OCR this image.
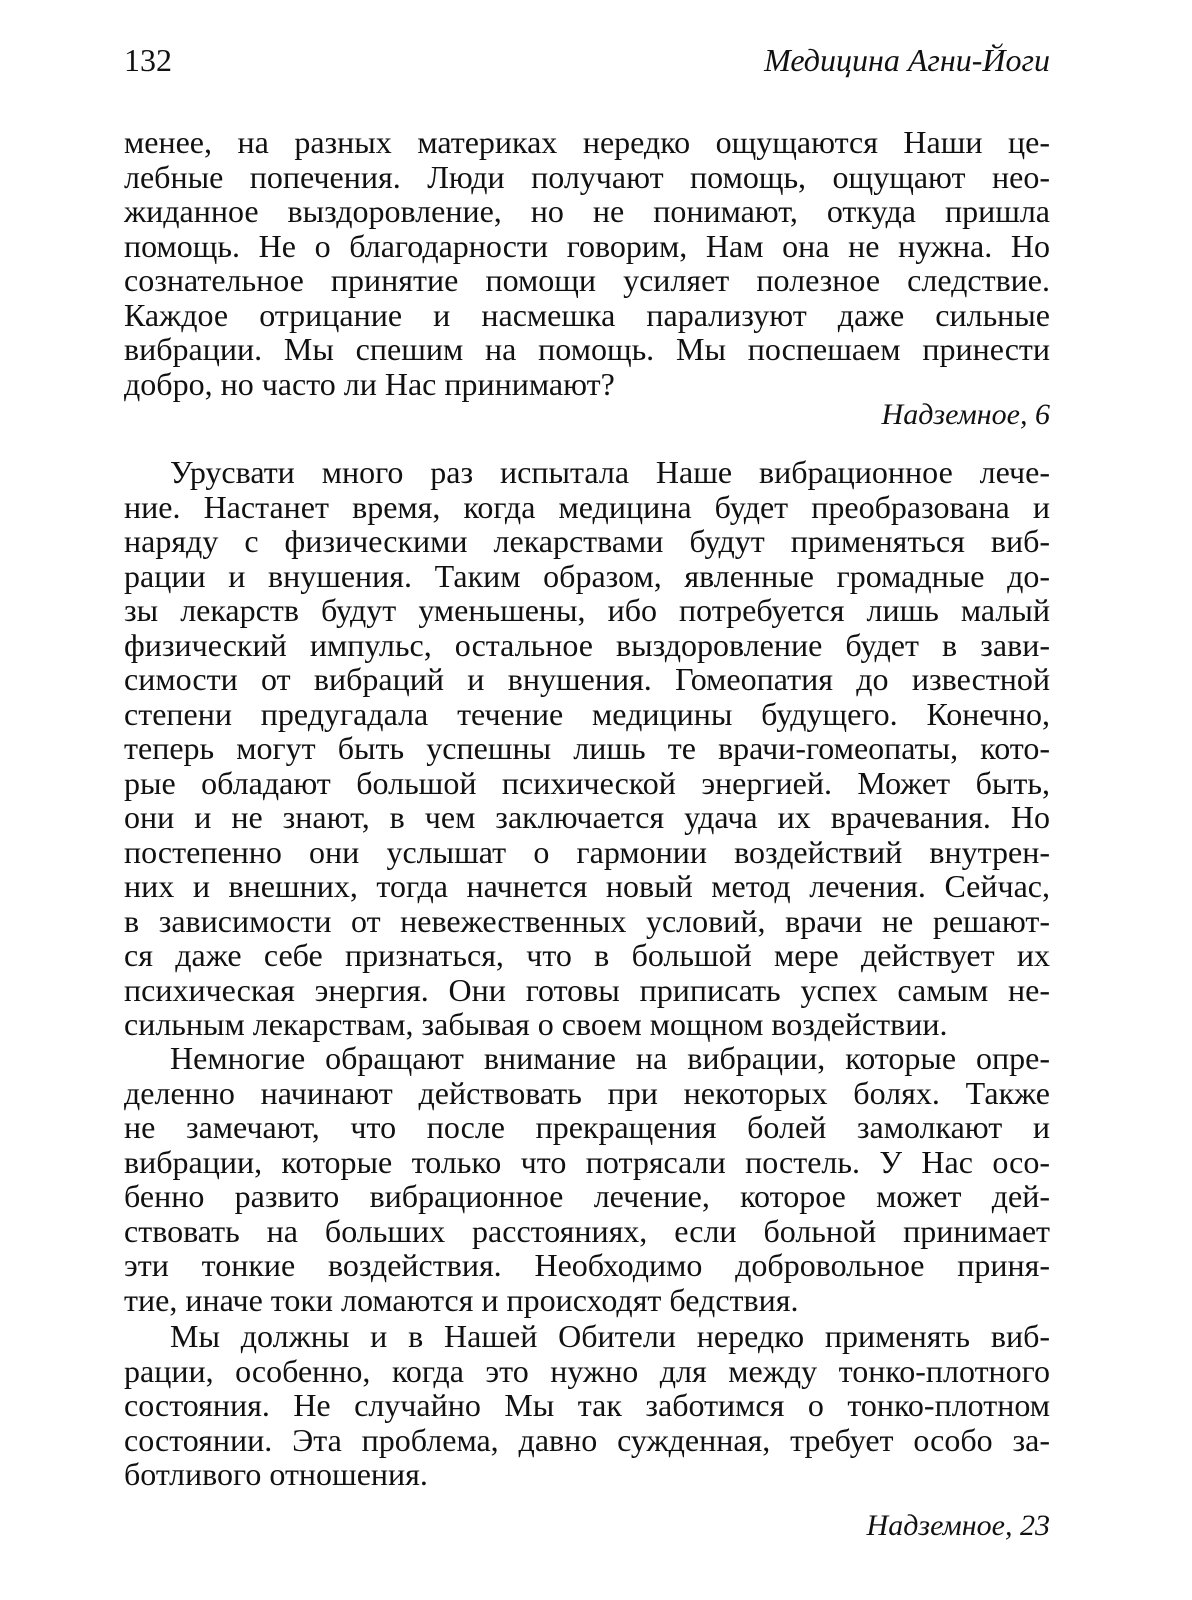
132	Медицина Агни-Йоги
менее, на разных материках нередко ощущаются Наши це-
лебные попечения. Люди получают помощь, ощущают нео-
жиданное выздоровление, но не понимают, откуда пришла
помощь. Не о благодарности говорим, Нам она не нужна. Но
сознательное принятие помощи усиляет полезное следствие.
Каждое отрицание и насмешка парализуют даже сильные
вибрации. Мы спешим на помощь. Мы поспешаем принести
добро, но часто ли Нас принимают?
Надземное, 6
Урусвати много раз испытала Наше вибрационное лече-
ние. Настанет время, когда медицина будет преобразована и
наряду с физическими лекарствами будут применяться виб-
рации и внушения. Таким образом, явленные громадные до-
зы лекарств будут уменьшены, ибо потребуется лишь малый
физический импульс, остальное выздоровление будет в зави-
симости от вибраций и внушения. Гомеопатия до известной
степени предугадала течение медицины будущего. Конечно,
теперь могут быть успешны лишь те врачи-гомеопаты, кото-
рые обладают большой психической энергией. Может быть,
они и не знают, в чем заключается удача их врачевания. Но
постепенно они услышат о гармонии воздействий внутрен-
них и внешних, тогда начнется новый метод лечения. Сейчас,
в зависимости от невежественных условий, врачи не решают-
ся даже себе признаться, что в большой мере действует их
психическая энергия. Они готовы приписать успех самым не-
сильным лекарствам, забывая о своем мощном воздействии.
Немногие обращают внимание на вибрации, которые опре-
деленно начинают действовать при некоторых болях. Также
не замечают, что после прекращения болей замолкают и
вибрации, которые только что потрясали постель. У Нас осо-
бенно развито вибрационное лечение, которое может дей-
ствовать на больших расстояниях, если больной принимает
эти тонкие воздействия. Необходимо добровольное приня-
тие, иначе токи ломаются и происходят бедствия.
Мы должны и в Нашей Обители нередко применять виб-
рации, особенно, когда это нужно для между тонко-плотного
состояния. Не случайно Мы так заботимся о тонко-плотном
состоянии. Эта проблема, давно сужденная, требует особо за-
ботливого отношения.
Надземное, 23
